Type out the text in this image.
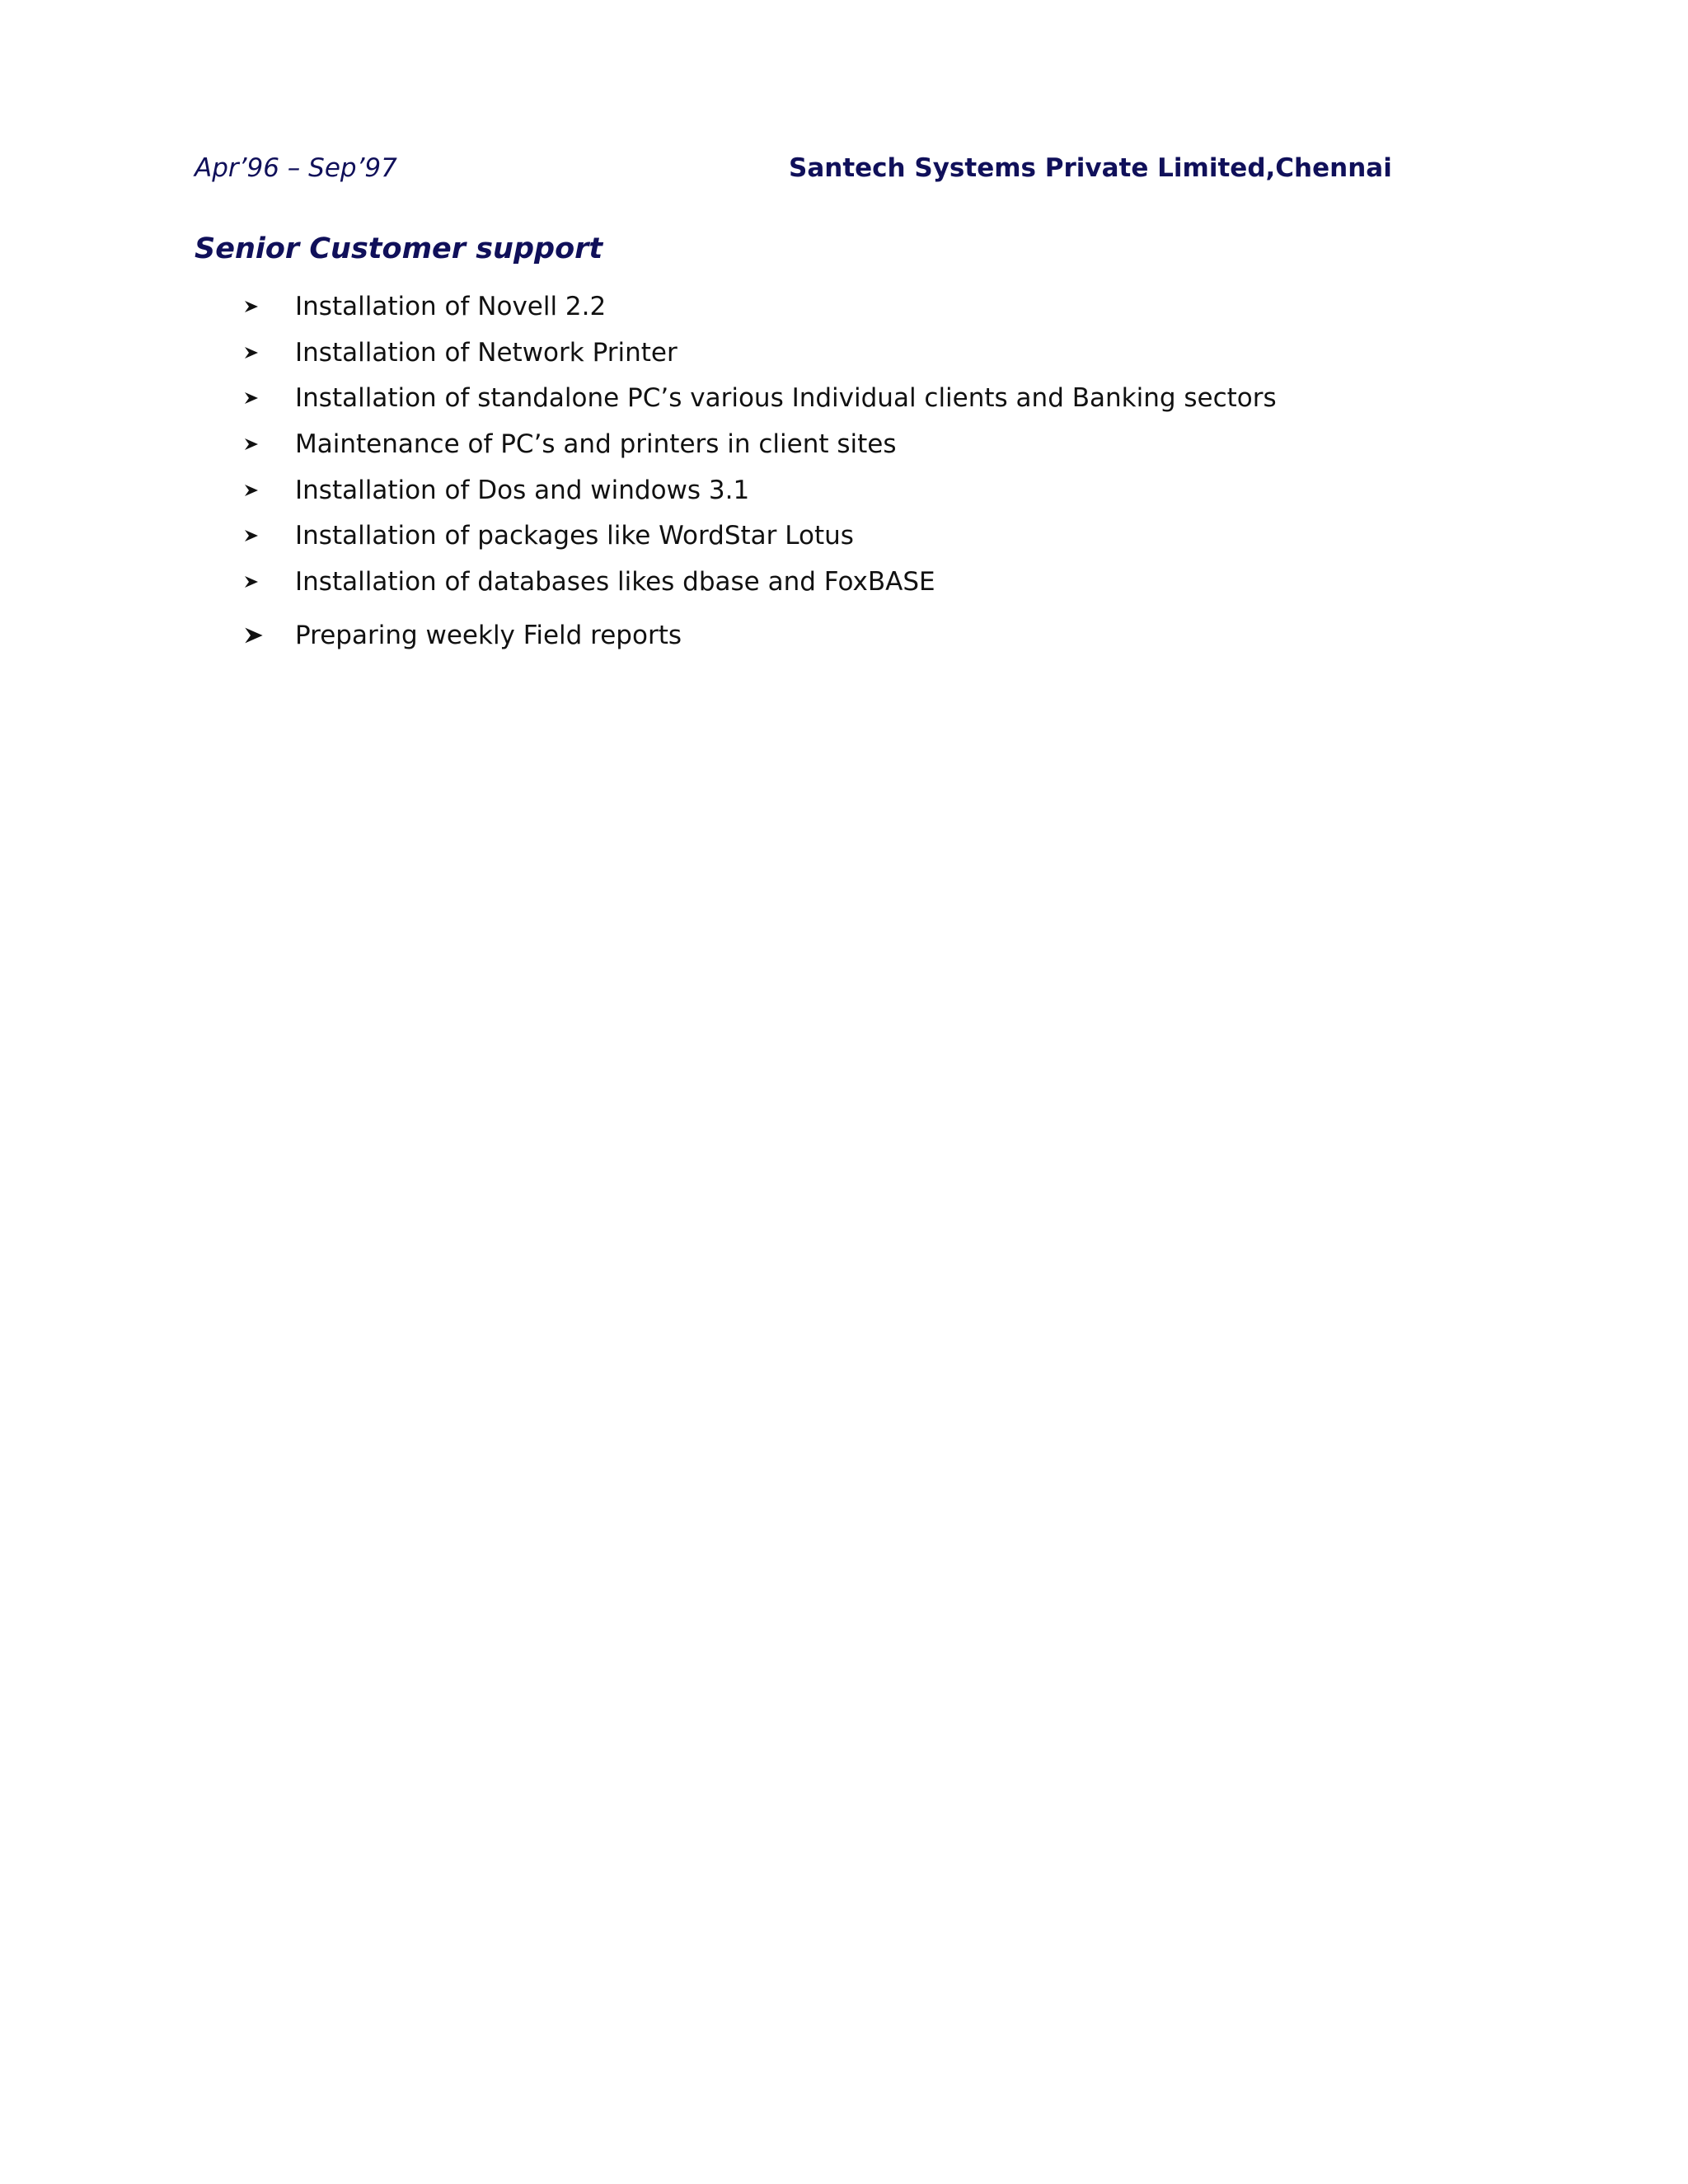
Apr’96 – Sep’97	Santech Systems Private Limited,Chennai
Senior Customer support
Installation of Novell 2.2
Installation of Network Printer
Installation of standalone PC’s various Individual clients and Banking sectors
Maintenance of PC’s and printers in client sites
Installation of Dos and windows 3.1
Installation of packages like WordStar Lotus
Installation of databases likes dbase and FoxBASE
Preparing weekly Field reports
